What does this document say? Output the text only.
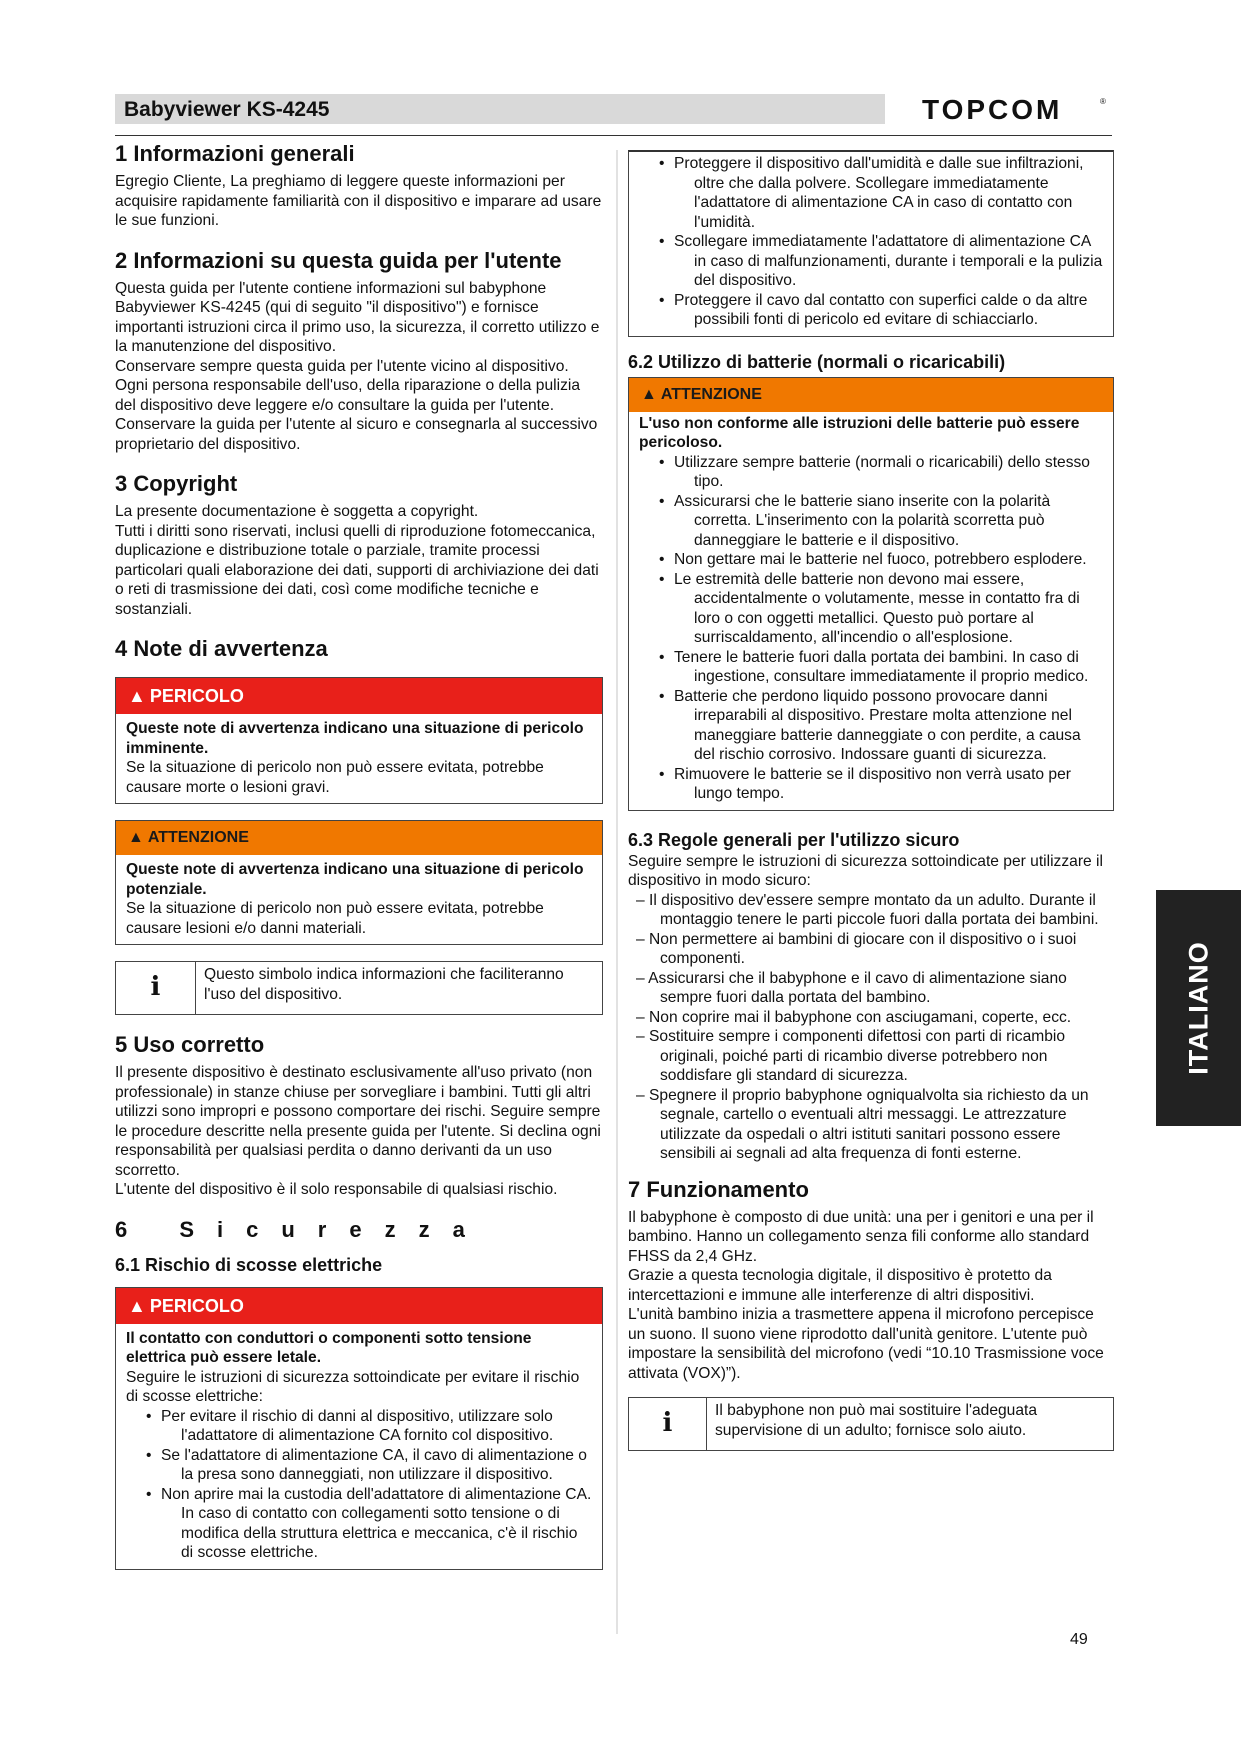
Babyviewer KS-4245	TOPCOM	®
1 Informazioni generali

Egregio Cliente, La preghiamo di leggere queste informazioni per acquisire rapidamente familiarità con il dispositivo e imparare ad usare le sue funzioni.

2 Informazioni su questa guida per l'utente

Questa guida per l'utente contiene informazioni sul babyphone Babyviewer KS-4245 (qui di seguito "il dispositivo") e fornisce importanti istruzioni circa il primo uso, la sicurezza, il corretto utilizzo e la manutenzione del dispositivo.

Conservare sempre questa guida per l'utente vicino al dispositivo. Ogni persona responsabile dell'uso, della riparazione o della pulizia del dispositivo deve leggere e/o consultare la guida per l'utente. Conservare la guida per l'utente al sicuro e consegnarla al successivo proprietario del dispositivo.

3 Copyright

La presente documentazione è soggetta a copyright.

Tutti i diritti sono riservati, inclusi quelli di riproduzione fotomeccanica, duplicazione e distribuzione totale o parziale, tramite processi particolari quali elaborazione dei dati, supporti di archiviazione dei dati o reti di trasmissione dei dati, così come modifiche tecniche e sostanziali.

4 Note di avvertenza
▲ PERICOLO
Queste note di avvertenza indicano una situazione di pericolo imminente.

Se la situazione di pericolo non può essere evitata, potrebbe causare morte o lesioni gravi.

▲ ATTENZIONE
Queste note di avvertenza indicano una situazione di pericolo potenziale.

Se la situazione di pericolo non può essere evitata, potrebbe causare lesioni e/o danni materiali.

i	Questo simbolo indica informazioni che faciliteranno l'uso del dispositivo.
5 Uso corretto

Il presente dispositivo è destinato esclusivamente all'uso privato (non professionale) in stanze chiuse per sorvegliare i bambini. Tutti gli altri utilizzi sono impropri e possono comportare dei rischi. Seguire sempre le procedure descritte nella presente guida per l'utente. Si declina ogni responsabilità per qualsiasi perdita o danno derivanti da un uso scorretto.

L'utente del dispositivo è il solo responsabile di qualsiasi rischio.

6 Sicurezza
6.1 Rischio di scosse elettriche
▲ PERICOLO
Il contatto con conduttori o componenti sotto tensione elettrica può essere letale.

Seguire le istruzioni di sicurezza sottoindicate per evitare il rischio di scosse elettriche:

• Per evitare il rischio di danni al dispositivo, utilizzare solo l'adattatore di alimentazione CA fornito col dispositivo.
• Se l'adattatore di alimentazione CA, il cavo di alimentazione o la presa sono danneggiati, non utilizzare il dispositivo.
• Non aprire mai la custodia dell'adattatore di alimentazione CA. In caso di contatto con collegamenti sotto tensione o di modifica della struttura elettrica e meccanica, c'è il rischio di scosse elettriche.
• Proteggere il dispositivo dall'umidità e dalle sue infiltrazioni, oltre che dalla polvere. Scollegare immediatamente l'adattatore di alimentazione CA in caso di contatto con l'umidità.
• Scollegare immediatamente l'adattatore di alimentazione CA in caso di malfunzionamenti, durante i temporali e la pulizia del dispositivo.
• Proteggere il cavo dal contatto con superfici calde o da altre possibili fonti di pericolo ed evitare di schiacciarlo.
6.2 Utilizzo di batterie (normali o ricaricabili)
▲ ATTENZIONE
L'uso non conforme alle istruzioni delle batterie può essere pericoloso.
• Utilizzare sempre batterie (normali o ricaricabili) dello stesso tipo.
• Assicurarsi che le batterie siano inserite con la polarità corretta. L'inserimento con la polarità scorretta può danneggiare le batterie e il dispositivo.
• Non gettare mai le batterie nel fuoco, potrebbero esplodere.
• Le estremità delle batterie non devono mai essere, accidentalmente o volutamente, messe in contatto fra di loro o con oggetti metallici. Questo può portare al surriscaldamento, all'incendio o all'esplosione.
• Tenere le batterie fuori dalla portata dei bambini. In caso di ingestione, consultare immediatamente il proprio medico.
• Batterie che perdono liquido possono provocare danni irreparabili al dispositivo. Prestare molta attenzione nel maneggiare batterie danneggiate o con perdite, a causa del rischio corrosivo. Indossare guanti di sicurezza.
• Rimuovere le batterie se il dispositivo non verrà usato per lungo tempo.
6.3 Regole generali per l'utilizzo sicuro

Seguire sempre le istruzioni di sicurezza sottoindicate per utilizzare il dispositivo in modo sicuro:

– Il dispositivo dev'essere sempre montato da un adulto. Durante il montaggio tenere le parti piccole fuori dalla portata dei bambini.
– Non permettere ai bambini di giocare con il dispositivo o i suoi componenti.
– Assicurarsi che il babyphone e il cavo di alimentazione siano sempre fuori dalla portata del bambino.
– Non coprire mai il babyphone con asciugamani, coperte, ecc.
– Sostituire sempre i componenti difettosi con parti di ricambio originali, poiché parti di ricambio diverse potrebbero non soddisfare gli standard di sicurezza.
– Spegnere il proprio babyphone ogniqualvolta sia richiesto da un segnale, cartello o eventuali altri messaggi. Le attrezzature utilizzate da ospedali o altri istituti sanitari possono essere sensibili ai segnali ad alta frequenza di fonti esterne.
7 Funzionamento

Il babyphone è composto di due unità: una per i genitori e una per il bambino. Hanno un collegamento senza fili conforme allo standard FHSS da 2,4 GHz.

Grazie a questa tecnologia digitale, il dispositivo è protetto da intercettazioni e immune alle interferenze di altri dispositivi.

L'unità bambino inizia a trasmettere appena il microfono percepisce un suono. Il suono viene riprodotto dall'unità genitore. L'utente può impostare la sensibilità del microfono (vedi “10.10 Trasmissione voce attivata (VOX)”).

i	Il babyphone non può mai sostituire l'adeguata supervisione di un adulto; fornisce solo aiuto.
ITALIANO
49
